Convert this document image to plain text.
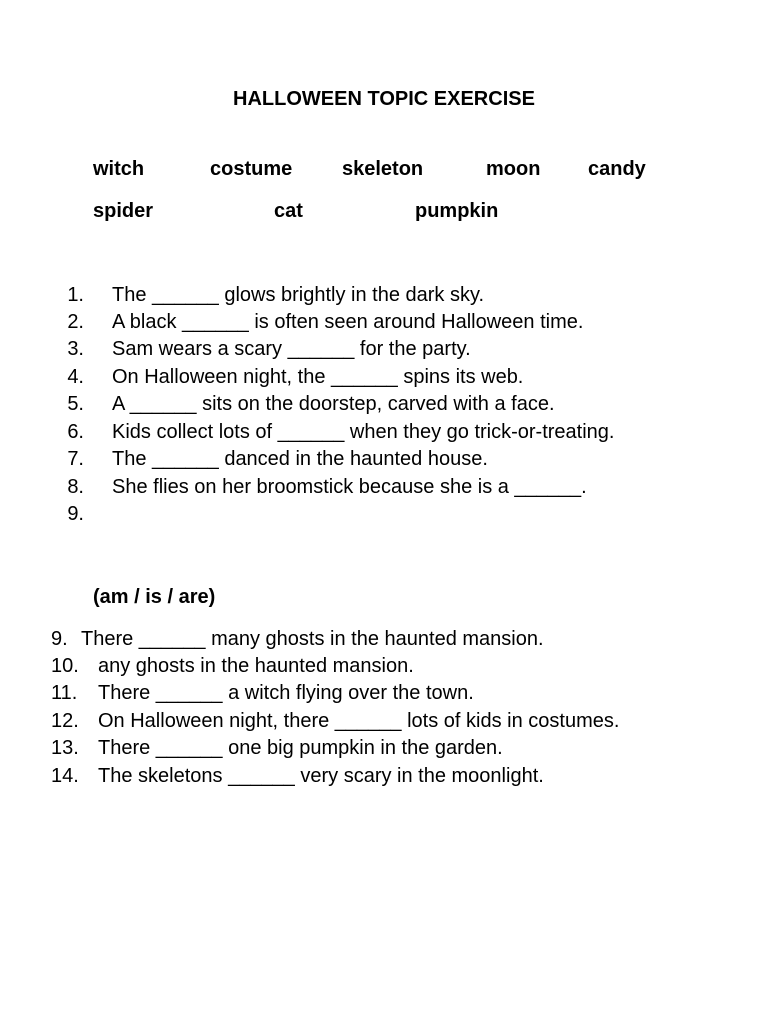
HALLOWEEN TOPIC EXERCISE
witch	costume skeleton	moon candy
spider	cat	pumpkin
1. The ______ glows brightly in the dark sky.
2. A black ______ is often seen around Halloween time.
3. Sam wears a scary ______ for the party.
4. On Halloween night, the ______ spins its web.
5. A ______ sits on the doorstep, carved with a face.
6. Kids collect lots of ______ when they go trick-or-treating.
7. The ______ danced in the haunted house.
8. She flies on her broomstick because she is a ______.
9.
(am / is / are)
9. There ______ many ghosts in the haunted mansion.
10. any ghosts in the haunted mansion.
11. There ______ a witch flying over the town.
12. On Halloween night, there ______ lots of kids in costumes.
13. There ______ one big pumpkin in the garden.
14. The skeletons ______ very scary in the moonlight.
